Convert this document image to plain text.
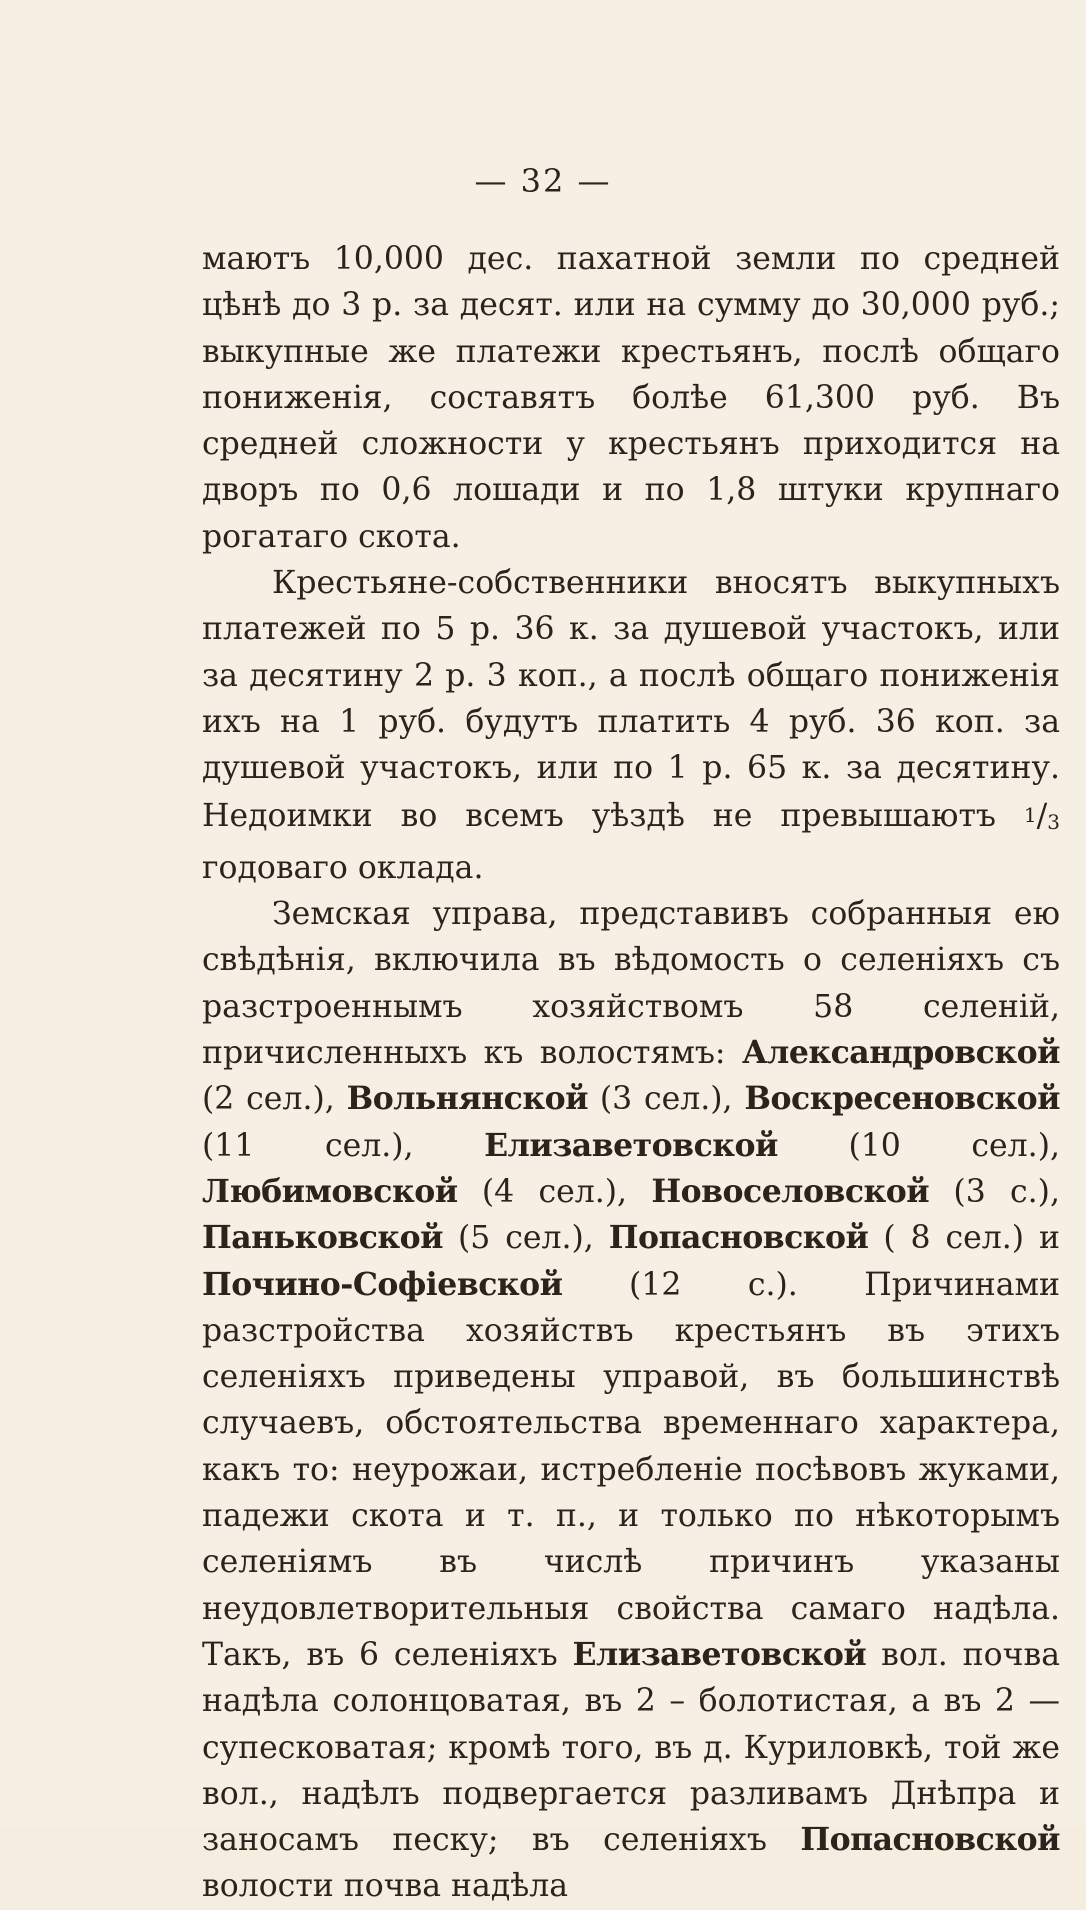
— 32 —

маютъ 10,000 дес. пахатной земли по средней цѣнѣ до 3 р. за десят. или на сумму до 30,000 руб.; выкупные же платежи крестьянъ, послѣ общаго пониженія, составятъ болѣе 61,300 руб. Въ средней сложности у крестьянъ приходится на дворъ по 0,6 лошади и по 1,8 штуки крупнаго рогатаго скота.

Крестьяне-собственники вносятъ выкупныхъ платежей по 5 р. 36 к. за душевой участокъ, или за десятину 2 р. 3 коп., а послѣ общаго пониженія ихъ на 1 руб. будутъ платить 4 руб. 36 коп. за душевой участокъ, или по 1 р. 65 к. за десятину. Недоимки во всемъ уѣздѣ не превышаютъ 1/3 годоваго оклада.

Земская управа, представивъ собранныя ею свѣдѣнія, включила въ вѣдомость о селеніяхъ съ разстроеннымъ хозяйствомъ 58 селеній, причисленныхъ къ волостямъ: Александровской (2 сел.), Вольнянской (3 сел.), Воскресеновской (11 сел.), Елизаветовской (10 сел.), Любимовской (4 сел.), Новоселовской (3 с.), Паньковской (5 сел.), Попасновской ( 8 сел.) и Почино-Софіевской (12 с.). Причинами разстройства хозяйствъ крестьянъ въ этихъ селеніяхъ приведены управой, въ большинствѣ случаевъ, обстоятельства временнаго характера, какъ то: неурожаи, истребленіе посѣвовъ жуками, падежи скота и т. п., и только по нѣкоторымъ селеніямъ въ числѣ причинъ указаны неудовлетворительныя свойства самаго надѣла. Такъ, въ 6 селеніяхъ Елизаветовской вол. почва надѣла солонцоватая, въ 2 – болотистая, а въ 2 — супесковатая; кромѣ того, въ д. Куриловкѣ, той же вол., надѣлъ подвергается разливамъ Днѣпра и заносамъ песку; въ селеніяхъ Попасновской волости почва надѣла
